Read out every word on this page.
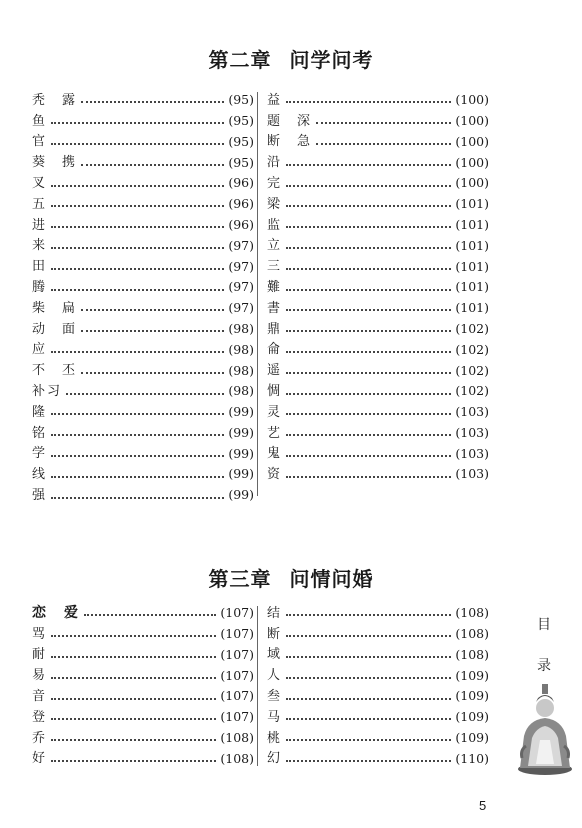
第二章 问学问考
秃　露	(95)
鱼	(95)
官	(95)
葵　携	(95)
叉	(96)
五	(96)
进	(96)
来	(97)
田	(97)
腾	(97)
柴　扁	(97)
动　面	(98)
应	(98)
不　丕	(98)
补习	(98)
隆	(99)
铭	(99)
学	(99)
线	(99)
强	(99)
益	(100)
题　深	(100)
断　急	(100)
沿	(100)
完	(100)
梁	(101)
监	(101)
立	(101)
三	(101)
難	(101)
書	(101)
鼎	(102)
侖	(102)
遥	(102)
惆	(102)
灵	(103)
艺	(103)
鬼	(103)
资	(103)
第三章 问情问婚
恋　爱	(107)
骂	(107)
耐	(107)
易	(107)
音	(107)
登	(107)
乔	(108)
好	(108)
结	(108)
断	(108)
域	(108)
人	(109)
叁	(109)
马	(109)
桃	(109)
幻	(110)
目
录
5
